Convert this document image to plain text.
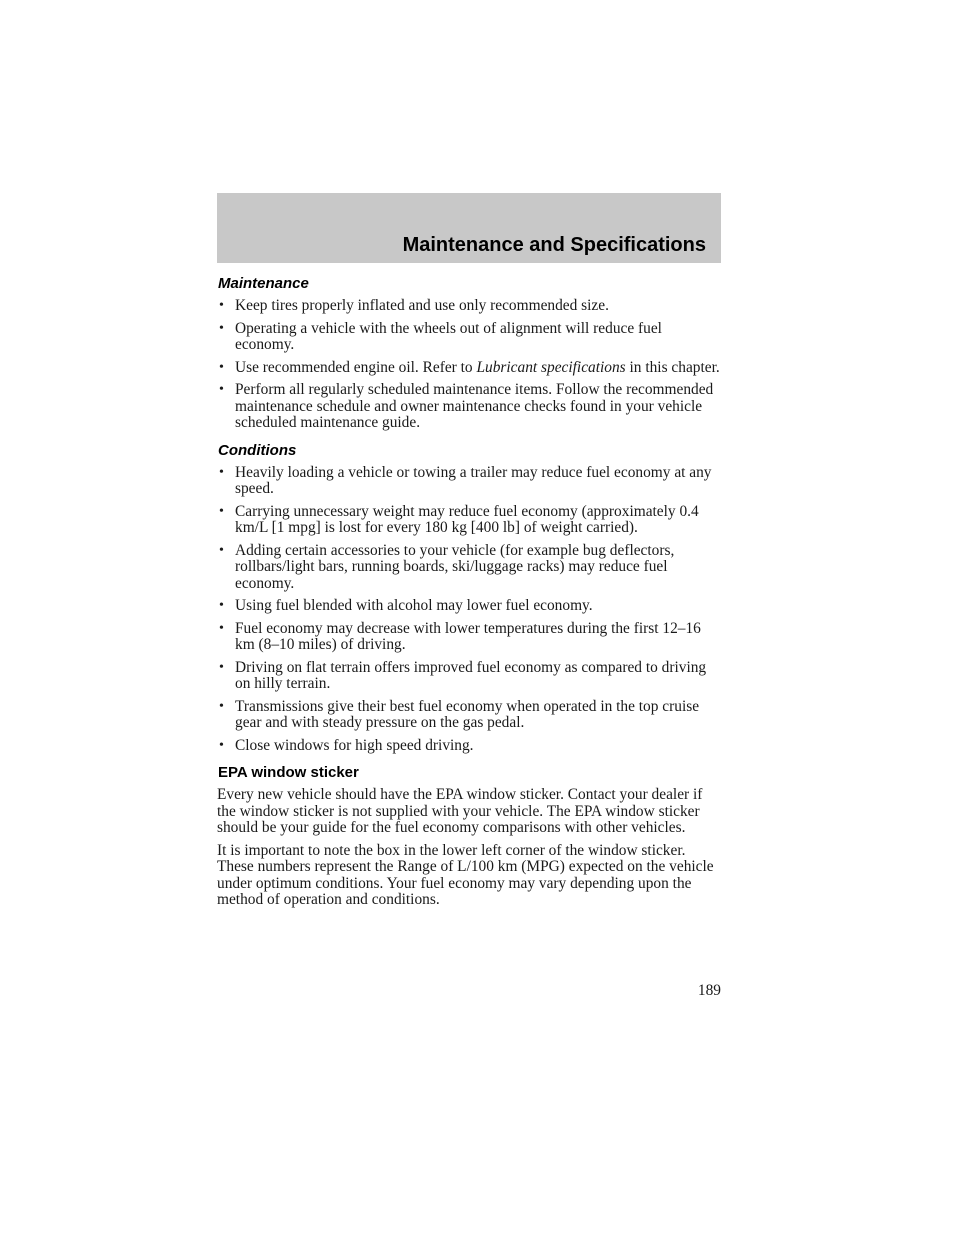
Maintenance and Specifications
Maintenance
• Keep tires properly inflated and use only recommended size.
• Operating a vehicle with the wheels out of alignment will reduce fuel economy.
• Use recommended engine oil. Refer to Lubricant specifications in this chapter.
• Perform all regularly scheduled maintenance items. Follow the recommended maintenance schedule and owner maintenance checks found in your vehicle scheduled maintenance guide.
Conditions
• Heavily loading a vehicle or towing a trailer may reduce fuel economy at any speed.
• Carrying unnecessary weight may reduce fuel economy (approximately 0.4 km/L [1 mpg] is lost for every 180 kg [400 lb] of weight carried).
• Adding certain accessories to your vehicle (for example bug deflectors, rollbars/light bars, running boards, ski/luggage racks) may reduce fuel economy.
• Using fuel blended with alcohol may lower fuel economy.
• Fuel economy may decrease with lower temperatures during the first 12–16 km (8–10 miles) of driving.
• Driving on flat terrain offers improved fuel economy as compared to driving on hilly terrain.
• Transmissions give their best fuel economy when operated in the top cruise gear and with steady pressure on the gas pedal.
• Close windows for high speed driving.
EPA window sticker

Every new vehicle should have the EPA window sticker. Contact your dealer if the window sticker is not supplied with your vehicle. The EPA window sticker should be your guide for the fuel economy comparisons with other vehicles.

It is important to note the box in the lower left corner of the window sticker. These numbers represent the Range of L/100 km (MPG) expected on the vehicle under optimum conditions. Your fuel economy may vary depending upon the method of operation and conditions.

189
